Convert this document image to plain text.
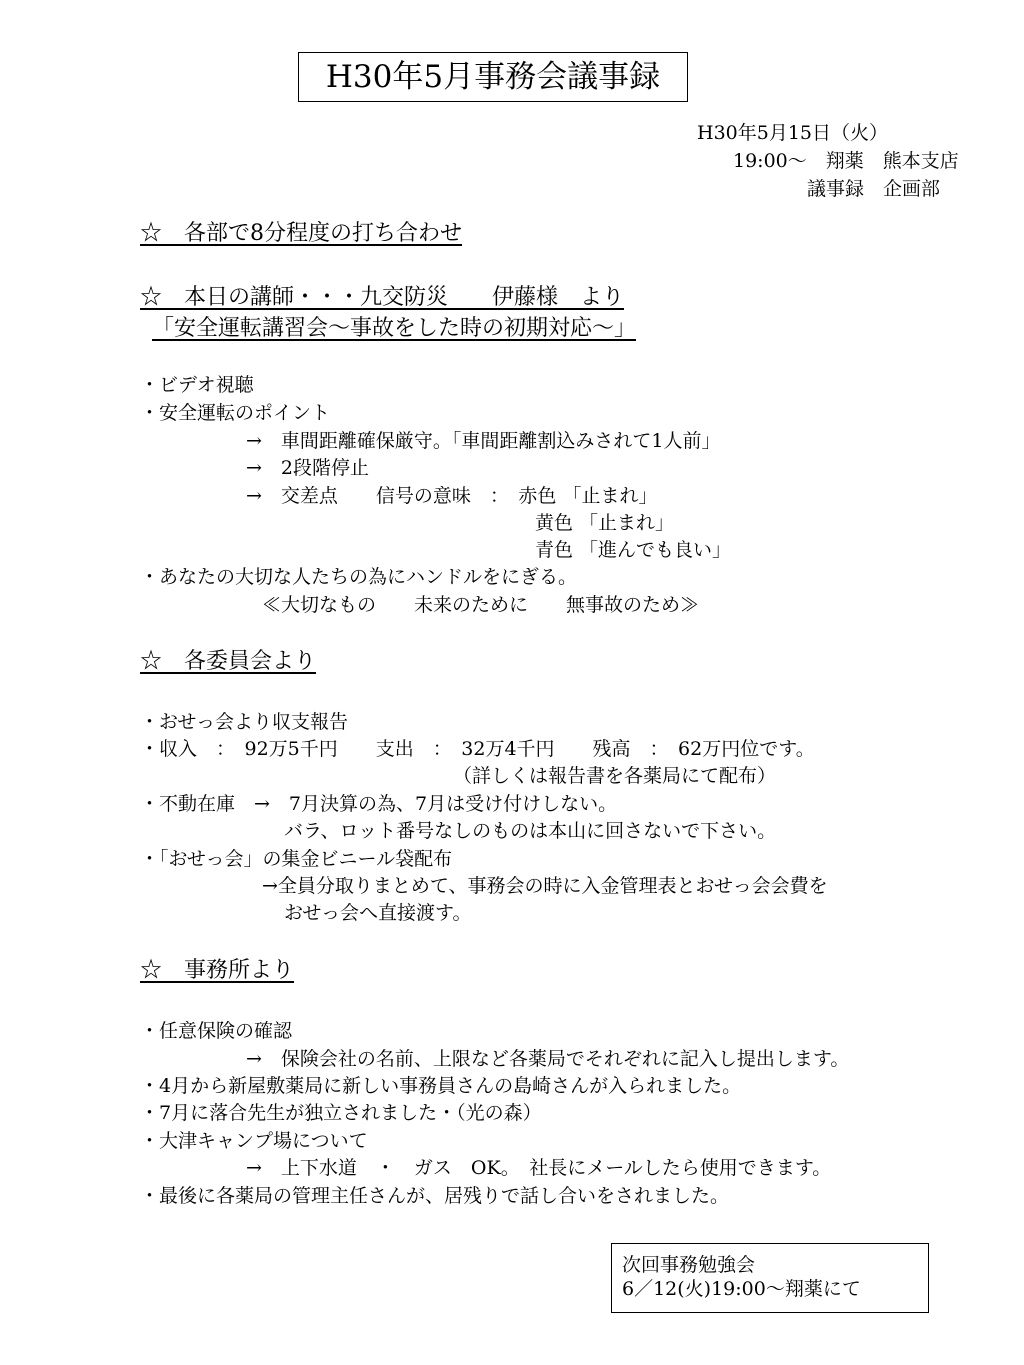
H30年5月事務会議事録
H30年5月15日（火）
19:00～　翔薬　熊本支店
議事録　企画部
☆　各部で8分程度の打ち合わせ
☆　本日の講師・・・九交防災　　伊藤様　より
「安全運転講習会～事故をした時の初期対応～」
・ビデオ視聴
・安全運転のポイント
→　車間距離確保厳守。「車間距離割込みされて1人前」
→　2段階停止
→　交差点　　信号の意味　：　赤色 「止まれ」
黄色 「止まれ」
青色 「進んでも良い」
・あなたの大切な人たちの為にハンドルをにぎる。
≪大切なもの　　未来のために　　無事故のため≫
☆　各委員会より
・おせっ会より収支報告
・収入　：　92万5千円　　支出　：　32万4千円　　残高　：　62万円位です。
（詳しくは報告書を各薬局にて配布）
・不動在庫　→　7月決算の為、7月は受け付けしない。
バラ、ロット番号なしのものは本山に回さないで下さい。
・「おせっ会」の集金ビニール袋配布
→全員分取りまとめて、事務会の時に入金管理表とおせっ会会費を
おせっ会へ直接渡す。
☆　事務所より
・任意保険の確認
→　保険会社の名前、上限など各薬局でそれぞれに記入し提出します。
・4月から新屋敷薬局に新しい事務員さんの島崎さんが入られました。
・7月に落合先生が独立されました・（光の森）
・大津キャンプ場について
→　上下水道　・　ガス　OK。　社長にメールしたら使用できます。
・最後に各薬局の管理主任さんが、居残りで話し合いをされました。
次回事務勉強会
6／12(火)19:00～翔薬にて
